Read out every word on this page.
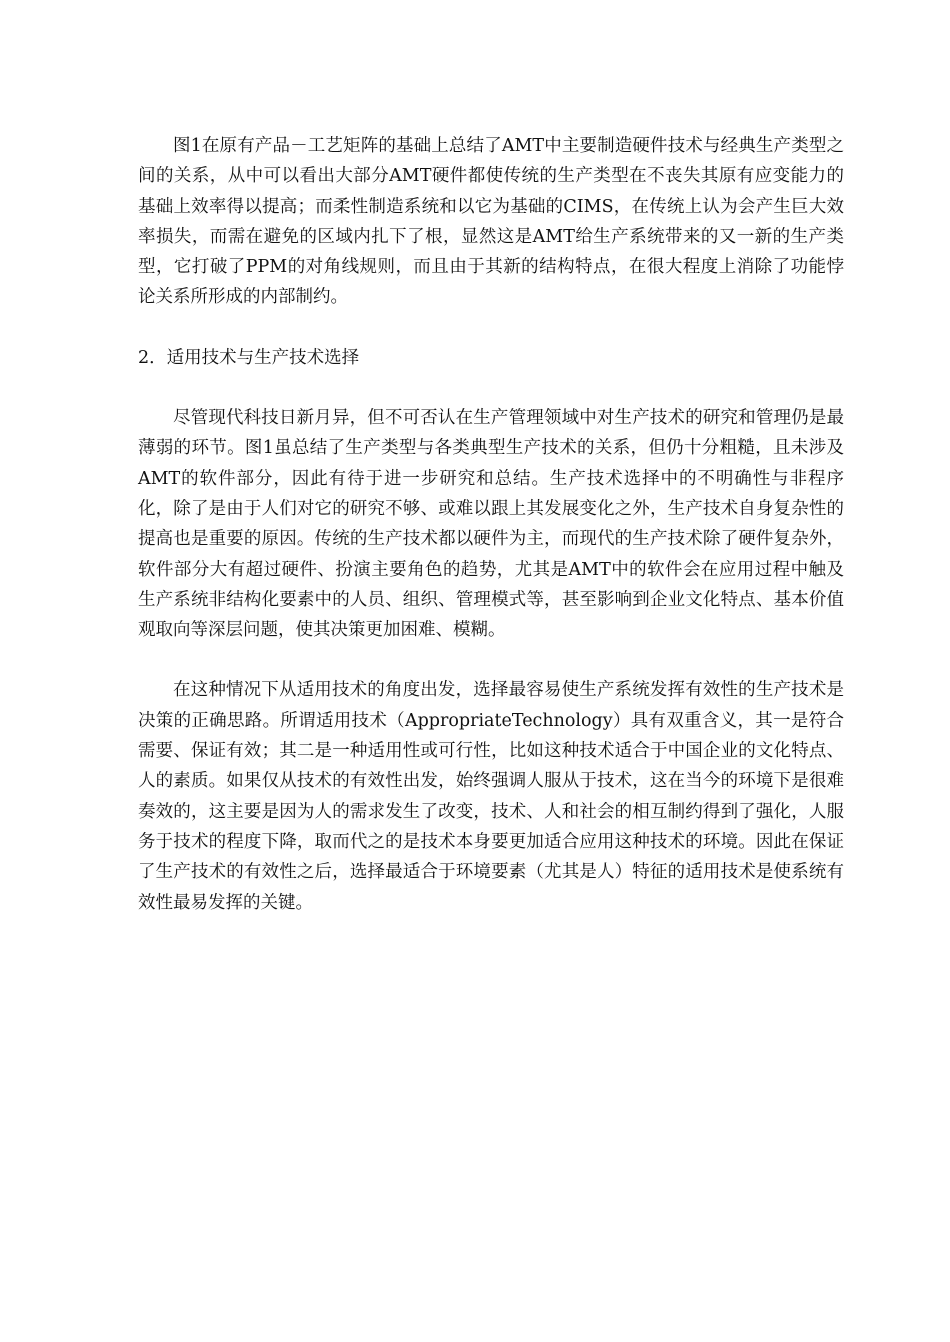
图1在原有产品－工艺矩阵的基础上总结了AMT中主要制造硬件技术与经典生产类型之间的关系，从中可以看出大部分AMT硬件都使传统的生产类型在不丧失其原有应变能力的基础上效率得以提高；而柔性制造系统和以它为基础的CIMS，在传统上认为会产生巨大效率损失，而需在避免的区域内扎下了根，显然这是AMT给生产系统带来的又一新的生产类型，它打破了PPM的对角线规则，而且由于其新的结构特点，在很大程度上消除了功能悖论关系所形成的内部制约。

2．适用技术与生产技术选择

尽管现代科技日新月异，但不可否认在生产管理领域中对生产技术的研究和管理仍是最薄弱的环节。图1虽总结了生产类型与各类典型生产技术的关系，但仍十分粗糙，且未涉及AMT的软件部分，因此有待于进一步研究和总结。生产技术选择中的不明确性与非程序化，除了是由于人们对它的研究不够、或难以跟上其发展变化之外，生产技术自身复杂性的提高也是重要的原因。传统的生产技术都以硬件为主，而现代的生产技术除了硬件复杂外，软件部分大有超过硬件、扮演主要角色的趋势，尤其是AMT中的软件会在应用过程中触及生产系统非结构化要素中的人员、组织、管理模式等，甚至影响到企业文化特点、基本价值观取向等深层问题，使其决策更加困难、模糊。

在这种情况下从适用技术的角度出发，选择最容易使生产系统发挥有效性的生产技术是决策的正确思路。所谓适用技术（AppropriateTechnology）具有双重含义，其一是符合需要、保证有效；其二是一种适用性或可行性，比如这种技术适合于中国企业的文化特点、人的素质。如果仅从技术的有效性出发，始终强调人服从于技术，这在当今的环境下是很难奏效的，这主要是因为人的需求发生了改变，技术、人和社会的相互制约得到了强化，人服务于技术的程度下降，取而代之的是技术本身要更加适合应用这种技术的环境。因此在保证了生产技术的有效性之后，选择最适合于环境要素（尤其是人）特征的适用技术是使系统有效性最易发挥的关键。
